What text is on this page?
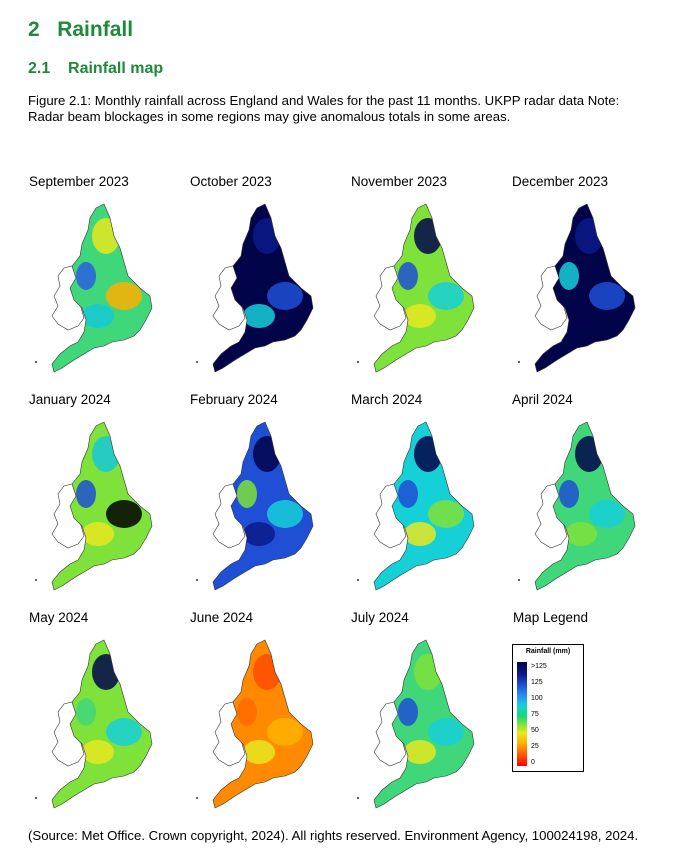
2 Rainfall
2.1 Rainfall map
Figure 2.1: Monthly rainfall across England and Wales for the past 11 months. UKPP radar data Note: Radar beam blockages in some regions may give anomalous totals in some areas.
September 2023	October 2023	November 2023	December 2023
January 2024	February 2024	March 2024	April 2024
May 2024	June 2024	July 2024	Map Legend
Rainfall (mm)
>125
125
100
75
50
25
0
(Source: Met Office. Crown copyright, 2024). All rights reserved. Environment Agency, 100024198, 2024.
